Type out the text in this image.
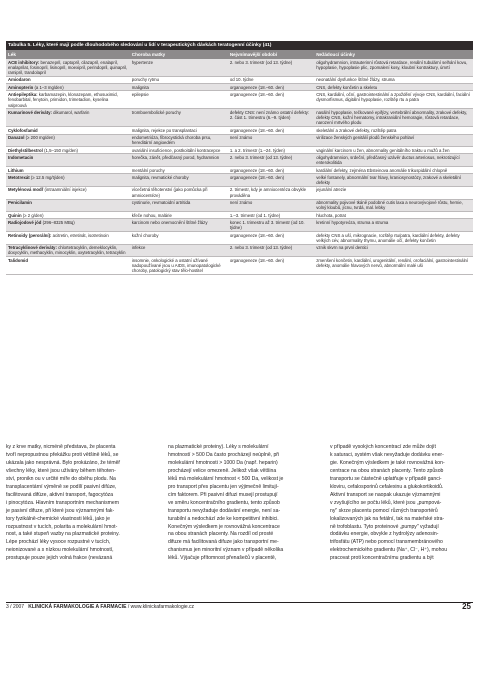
Tabulka 5. Léky, které mají podle dlouhodobého sledování u lidí v terapeutických dávkách teratogenní účinky (41)
Lék	Choroba matky	Nejvnímavější období	Nežádoucí účinky
ACE inhibitory: benazepril, captopril, cilazapril, enalapril, enalaprilat, fosinopril, lisinopril, moexipril, perindopril, quinapril, ramipril, trandolapril	hypertenze	2. nebo 3. trimestr (od 13. týdne)	oligohydramnion, intrauterinní růstová retardace, renální tubulární selhání kovu, hypoplasie, hypoplasie plic, zpomalení kosy, kloubní kontraktury, úmrtí
Amiodaron	poruchy rytmu	od 10. týdne	neonatální dysfunkce štítné žlázy, struma
Aminopterin (a 1–3 mg/den)	malignita	organogeneze (18.–60. den)	CNS, defekty končetin a skeletu
Antiepileptika: karbamazepin, klonazepam, ethosuximid, fenobarbital, fenytoin, primidon, trimetadion, kyselina valproová	epilepsie	organogeneze (18.–60. den)	CNS, kardiální, oční, gastrointestinální a zpoždění vývoje CNS, kardiální, faciální dysmorfismus, digitální hypoplasie, rozštěp rtu a patra
Kumarinové deriváty: dikumarol, warfarin	tromboembolické poruchy	defekty CNS: není známo ostatní defekty: 2. část 1. trimestru (6.–9. týden)	nasální hypoplasie, tečkované epifýzy, vertebrální abnormality, zrakové defekty, defekty CNS, kožní hematomy, intrakraniální hemoragie, růstová retardace, narození mrtvého plodu
Cyklofosfamid	malignita, rejekce po transplantaci	organogeneze (18.–60. den)	skeletální a zrakové defekty, rozštěp patra
Danazol (≥ 200 mg/den)	endometrióza, fibrocystická choroba prsu, hereditární angioedém	není známo	virilizace ženských genitálií plodů ženského pohlaví
Diethylstilbestrol (1,5–150 mg/den)	ovariální insuficience, postkoitální kontracepce	1. a 2. trimestr (1.–24. týden)	vaginální karcinom u žen, abnormality genitálního traktu u mužů a žen
Indometacin	horečka, zánět, předčasný porod, hydramnion	2. nebo 3. trimestr (od 13. týdne)	oligohydramnion, srdeční, předčasný uzávěr ductus arteriosus, nekrotizující enterokolitida
Lithium	mentální poruchy	organogeneze (18.–60. den)	kardiální defekty, zejména Ebsteinova anomálie trikuspidální chlopně
Metotrexát (≥ 12.5 mg/týden)	malignita, revmatické choroby	organogeneze (18.–60. den)	velké fontanely, abnormální tvar hlavy, kraniosynostózy, zrakové a skeletální defekty
Metylénová modř (intraamniální injekce)	vícečetná těhotenství (jako pomůcka při amniocentéze)	2. trimestr, kdy je amniocentéza obvykle prováděna	jejunální atrezie
Penicilamin	cystinurie, revmatoidní artritida	není známo	abnormality pojivové tkáně podobné cutis laxa a neurovývojové růstu, hernie, volný kloubů, jícnu, tvrdá, mal. lebky
Quinin (≥ 2 g/den)	křeče nohou, malárie	1.–3. trimestr (od 1. týdne)	hluchota, potrat
Radiojodové jód (296–8325 MBq)	karcinom nebo onemocnění štítné žlázy	konec 1. trimestru až 3. trimestr (od 10. týdne)	kretinní hypotyreóza, struma a struma
Retinoidy (perorální): acitretin, etretinát, isotretinoin	kožní choroby	organogeneze (18.–60. den)	defekty CNS a uší, mikrognacie, rozštěp rtu/patra, kardiální defekty, defekty velkých cév, abnormality thymu, anomálie očí, defekty končetin
Tetracyklinové deriváty: chlortetracyklin, demeklocyklin, doxycyklin, methacyklin, minocyklin, oxytetracyklin, tetracyklin	infekce	2. nebo 3. trimestr (od 13. týdne)	vznik skvrn na první dentici
Talidomid	insomnie, onkologické a ostatní užívané nadopoužívané jsou u AIDS, imunopatologické choroby, patologický stav tělo-hostitel	organogeneze (18.–60. den)	zmenšení končetin, kardiální, urogenitální, renální, orofaciální, gastrointestinální defekty, anomálie hlavových nervů, abnormální malé uši
ky z krve matky, nicméně představa, že placenta
tvoří nepropustnou překážku proti většině léků, se
ukázala jako nesprávná. Bylo prokázáno, že téměř
všechny léky, které jsou užívány během těhoten-
ství, pronikn ou v určité míře do oběhu plodu. Na
transplacentární výměně se podílí pasivní difúze,
facilitovaná difúze, aktivní transport, fagocytóza
i pinocytóza. Hlavním transportním mechanismem
je pasivní difuze, při které jsou významnými fak-
tory fyzikálně-chemické vlastnosti léků, jako je
rozpustnost v tucích, polarita a molekulární hmot-
nost, a také stupeň vazby na plazmatické proteiny.
Lépe prochází léky vysoce rozpustné v tucích,
neionizované a s nízkou molekulární hmotností,
prostupuje pouze jejich volná frakce (nevázaná
na plazmatické proteiny). Léky s molekulární
hmotností > 500 Da často procházejí neúplně, při
molekulární hmotnosti > 1000 Da (např. heparin)
procházejí velice omezeně. Jelikož však většina
léků má molekulární hmotnost < 500 Da, velikost je
pro transport přes placentu jen výjimečně limitují-
cím faktorem. Při pasivní difuzi musejí prostupují
ve směru koncentračního gradientu, tento způsob
transportu nevyžaduje dodávání energie, není sa-
turabilní a nedochází zde ke kompetitivní inhibici.
Konečným výsledkem je rovnovážná koncentrace
na obou stranách placenty. Na rozdíl od prosté
difuze má facilitovaná difuze jako transportní me-
chanismus jen minoritní význam v případě několika
léků. Výjačuje přítomnost přenašečů v placentě,
v případě vysokých koncentrací zde může dojít
k saturaci, systém však nevyžaduje dodávku ener-
gie. Konečným výsledkem je také rovnovážná kon-
centrace na obou stranách placenty. Tento způsob
transportu se částečně uplatňuje v případě ganci-
kloviru, cefalosporinů cefalexinu a glukokortikoidů.
Aktivní transport se naopak ukazuje významnými
v zvyšujícího se počtu léků, které jsou „pumpová-
ny" skrze placentu pomocí různých transportérů
lokalizovaných jak na fetální, tak na mateřské stra-
ně trofoblastu. Tyto proteinové „pumpy" vyžadují
dodávku energie, obvykle z hydrolýzy adenosin-
trifosfátu (ATP) nebo pomocí transmembránového
elektrochemického gradientu (Na⁺, Cl⁻, H⁺), mohou
pracovat proti koncentračnímu gradientu a být
3 / 2007 KLINICKÁ FARMAKOLOGIE A FARMACIE / www.klinickafarmakologie.cz	25
